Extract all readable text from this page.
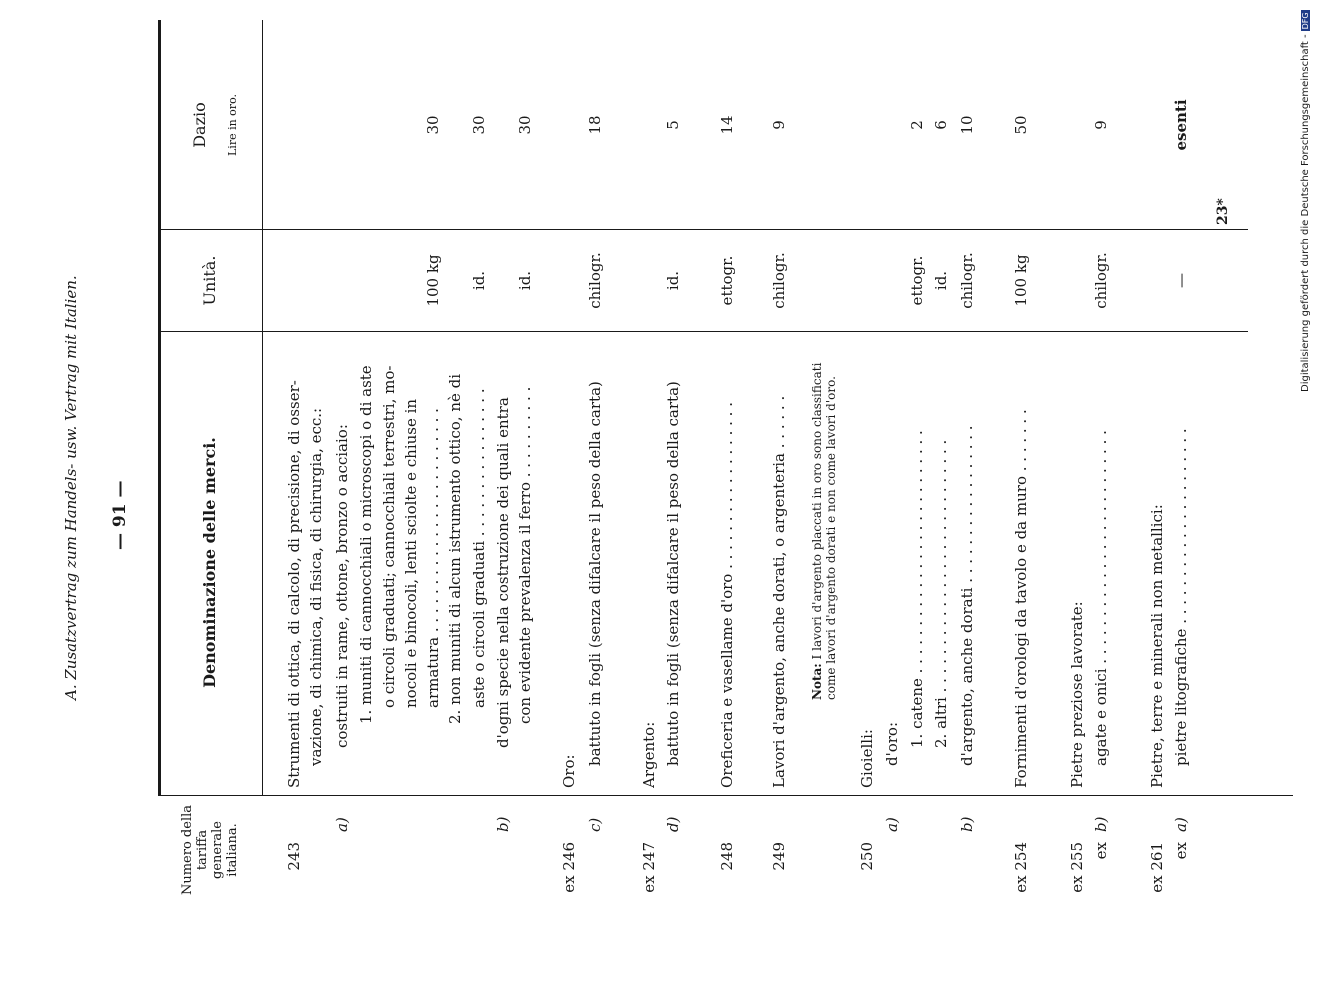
A. Zusatzvertrag zum Handels- usw. Vertrag mit Italien. — 91 —
Numero della tariffa generale italiana.
Denominazione delle merci.
Unità.
Dazio Lire in oro.
243
Strumenti di ottica, di calcolo, di precisione, di osser- vazione, di chimica, di fisica, di chirurgia, ecc.:
a)
costruiti in rame, ottone, bronzo o acciaio: 1. muniti di cannocchiali o microscopi o di aste o circoli graduati; cannocchiali terrestri, mo- nocoli e binocoli, lenti sciolte e chiuse in armatura . . . . . . . . . . . . . . . . . . . . . . . .
100 kg
30
2. non muniti di alcun istrumento ottico, nè di aste o circoli graduati . . . . . . . . . . . . . . . .
id.
30
b)
d'ogni specie nella costruzione dei quali entra con evidente prevalenza il ferro . . . . . . . . . .
id.
30
ex 246
Oro:
c)
battuto in fogli (senza difalcare il peso della carta)
chilogr.
18
ex 247
Argento:
d)
battuto in fogli (senza difalcare il peso della carta)
id.
5
248
Oreficeria e vasellame d'oro . . . . . . . . . . . . . . . . . .
ettogr.
14
249
Lavori d'argento, anche dorati, o argenteria . . . . . .
chilogr.
9
250
Gioielli:
a)
d'oro: 1. catene . . . . . . . . . . . . . . . . . . . . . . . . . .
ettogr.
2
2. altri . . . . . . . . . . . . . . . . . . . . . . . . . . .
id.
6
b)
d'argento, anche dorati . . . . . . . . . . . . . . . . .
chilogr.
10
ex 254
Fornimenti d'orologi da tavolo e da muro . . . . . . .
100 kg
50
ex 255
Pietre preziose lavorate:
ex
b)
agate e onici . . . . . . . . . . . . . . . . . . . . . . . . .
chilogr.
9
ex 261
Pietre, terre e minerali non metallici:
ex
a)
pietre litografiche . . . . . . . . . . . . . . . . . . . . .
—
esenti
Nota: I lavori d'argento placcati in oro sono classificati come lavori d'argento dorati e non come lavori d'oro.
23*	Digitalisierung gefördert durch die Deutsche Forschungsgemeinschaft -DFG
